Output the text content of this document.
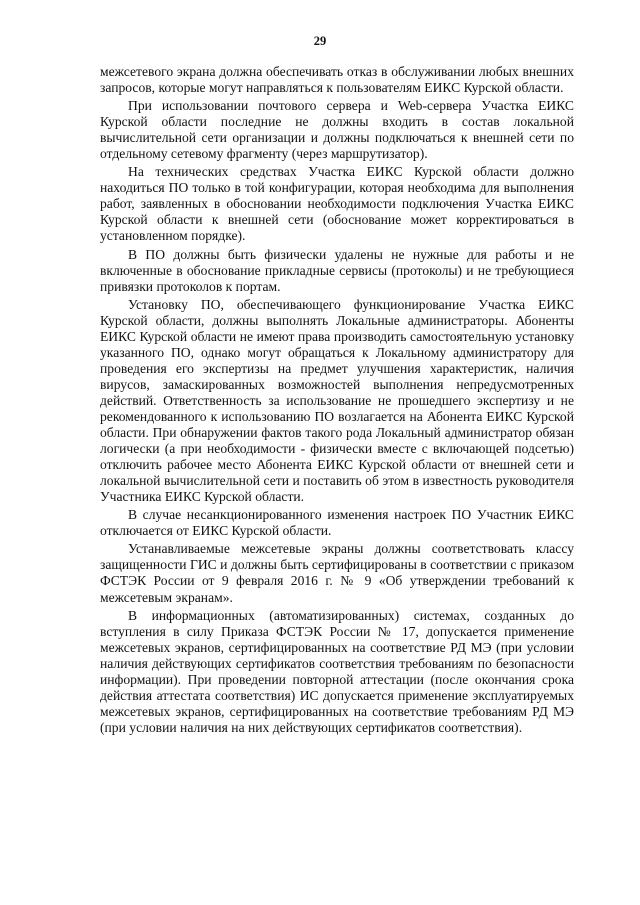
29

межсетевого экрана должна обеспечивать отказ в обслуживании любых внешних запросов, которые могут направляться к пользователям ЕИКС Курской области.

При использовании почтового сервера и Web-сервера Участка ЕИКС Курской области последние не должны входить в состав локальной вычислительной сети организации и должны подключаться к внешней сети по отдельному сетевому фрагменту (через маршрутизатор).

На технических средствах Участка ЕИКС Курской области должно находиться ПО только в той конфигурации, которая необходима для выполнения работ, заявленных в обосновании необходимости подключения Участка ЕИКС Курской области к внешней сети (обоснование может корректироваться в установленном порядке).

В ПО должны быть физически удалены не нужные для работы и не включенные в обоснование прикладные сервисы (протоколы) и не требующиеся привязки протоколов к портам.

Установку ПО, обеспечивающего функционирование Участка ЕИКС Курской области, должны выполнять Локальные администраторы. Абоненты ЕИКС Курской области не имеют права производить самостоятельную установку указанного ПО, однако могут обращаться к Локальному администратору для проведения его экспертизы на предмет улучшения характеристик, наличия вирусов, замаскированных возможностей выполнения непредусмотренных действий. Ответственность за использование не прошедшего экспертизу и не рекомендованного к использованию ПО возлагается на Абонента ЕИКС Курской области. При обнаружении фактов такого рода Локальный администратор обязан логически (а при необходимости - физически вместе с включающей подсетью) отключить рабочее место Абонента ЕИКС Курской области от внешней сети и локальной вычислительной сети и поставить об этом в известность руководителя Участника ЕИКС Курской области.

В случае несанкционированного изменения настроек ПО Участник ЕИКС отключается от ЕИКС Курской области.

Устанавливаемые межсетевые экраны должны соответствовать классу защищенности ГИС и должны быть сертифицированы в соответствии с приказом ФСТЭК России от 9 февраля 2016 г. № 9 «Об утверждении требований к межсетевым экранам».

В информационных (автоматизированных) системах, созданных до вступления в силу Приказа ФСТЭК России № 17, допускается применение межсетевых экранов, сертифицированных на соответствие РД МЭ (при условии наличия действующих сертификатов соответствия требованиям по безопасности информации). При проведении повторной аттестации (после окончания срока действия аттестата соответствия) ИС допускается применение эксплуатируемых межсетевых экранов, сертифицированных на соответствие требованиям РД МЭ (при условии наличия на них действующих сертификатов соответствия).
